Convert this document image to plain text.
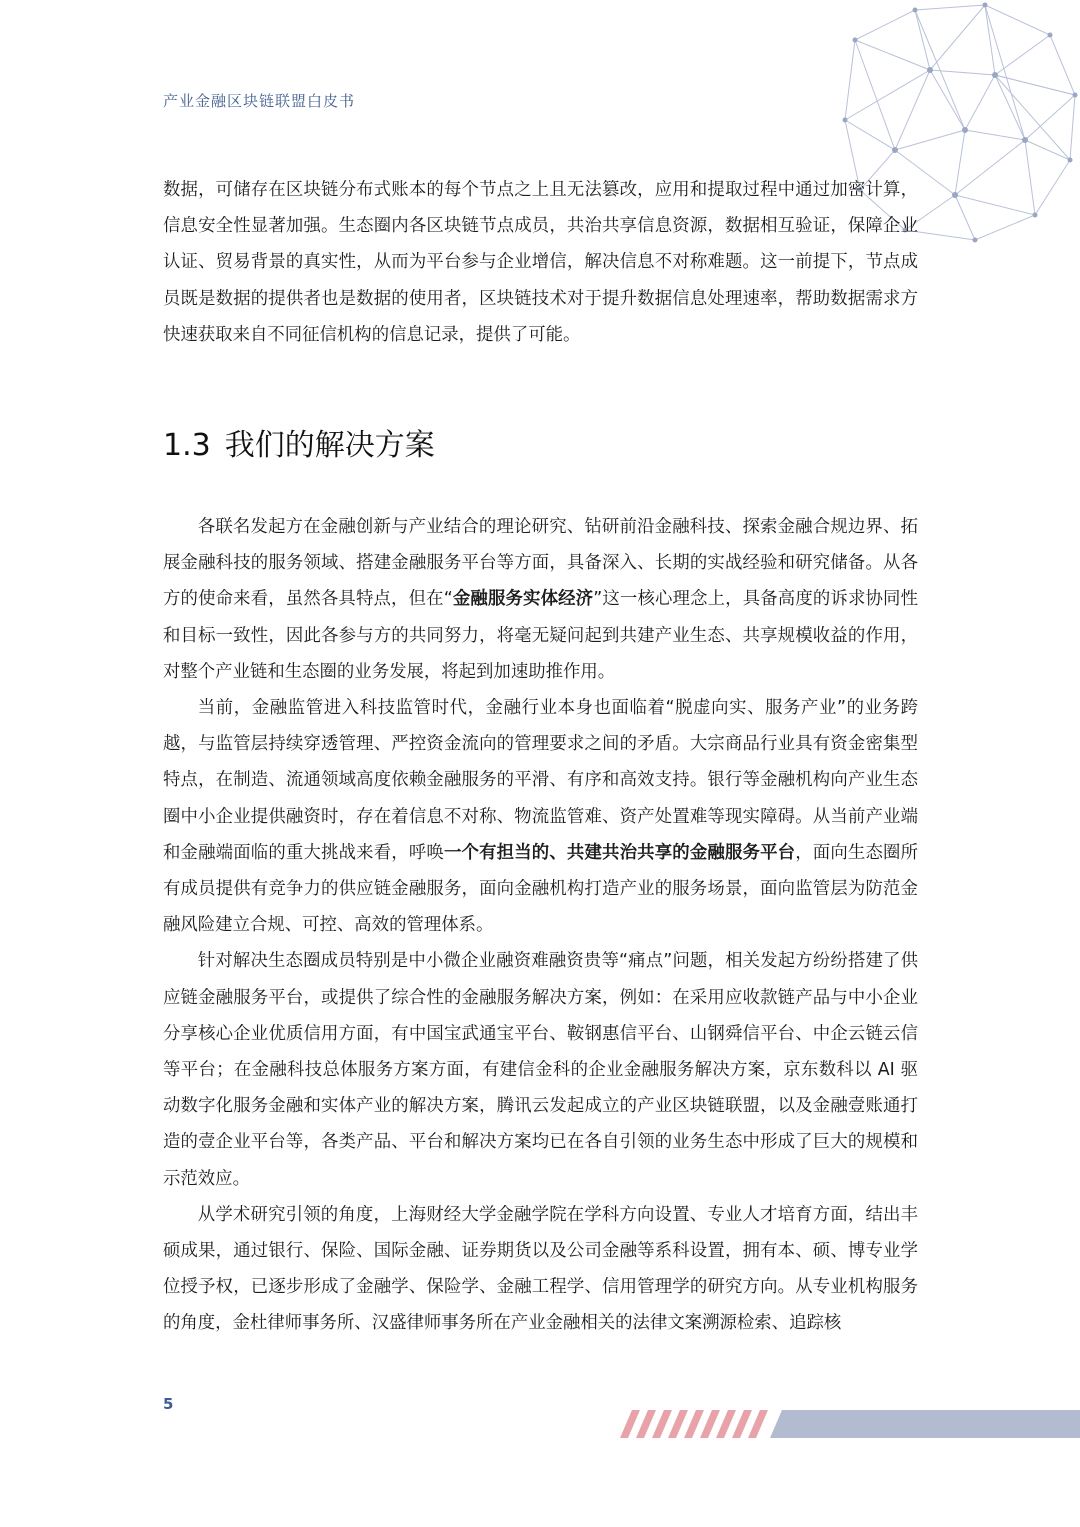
产业金融区块链联盟白皮书

数据，可储存在区块链分布式账本的每个节点之上且无法篡改，应用和提取过程中通过加密计算，信息安全性显著加强。生态圈内各区块链节点成员，共治共享信息资源，数据相互验证，保障企业认证、贸易背景的真实性，从而为平台参与企业增信，解决信息不对称难题。这一前提下，节点成员既是数据的提供者也是数据的使用者，区块链技术对于提升数据信息处理速率，帮助数据需求方快速获取来自不同征信机构的信息记录，提供了可能。

1.3 我们的解决方案

各联名发起方在金融创新与产业结合的理论研究、钻研前沿金融科技、探索金融合规边界、拓展金融科技的服务领域、搭建金融服务平台等方面，具备深入、长期的实战经验和研究储备。从各方的使命来看，虽然各具特点，但在“金融服务实体经济”这一核心理念上，具备高度的诉求协同性和目标一致性，因此各参与方的共同努力，将毫无疑问起到共建产业生态、共享规模收益的作用，对整个产业链和生态圈的业务发展，将起到加速助推作用。

当前，金融监管进入科技监管时代，金融行业本身也面临着“脱虚向实、服务产业”的业务跨越，与监管层持续穿透管理、严控资金流向的管理要求之间的矛盾。大宗商品行业具有资金密集型特点，在制造、流通领域高度依赖金融服务的平滑、有序和高效支持。银行等金融机构向产业生态圈中小企业提供融资时，存在着信息不对称、物流监管难、资产处置难等现实障碍。从当前产业端和金融端面临的重大挑战来看，呼唤一个有担当的、共建共治共享的金融服务平台，面向生态圈所有成员提供有竞争力的供应链金融服务，面向金融机构打造产业的服务场景，面向监管层为防范金融风险建立合规、可控、高效的管理体系。

针对解决生态圈成员特别是中小微企业融资难融资贵等“痛点”问题，相关发起方纷纷搭建了供应链金融服务平台，或提供了综合性的金融服务解决方案，例如：在采用应收款链产品与中小企业分享核心企业优质信用方面，有中国宝武通宝平台、鞍钢惠信平台、山钢舜信平台、中企云链云信等平台；在金融科技总体服务方案方面，有建信金科的企业金融服务解决方案，京东数科以 AI 驱动数字化服务金融和实体产业的解决方案，腾讯云发起成立的产业区块链联盟，以及金融壹账通打造的壹企业平台等，各类产品、平台和解决方案均已在各自引领的业务生态中形成了巨大的规模和示范效应。

从学术研究引领的角度，上海财经大学金融学院在学科方向设置、专业人才培育方面，结出丰硕成果，通过银行、保险、国际金融、证券期货以及公司金融等系科设置，拥有本、硕、博专业学位授予权，已逐步形成了金融学、保险学、金融工程学、信用管理学的研究方向。从专业机构服务的角度，金杜律师事务所、汉盛律师事务所在产业金融相关的法律文案溯源检索、追踪核

5
